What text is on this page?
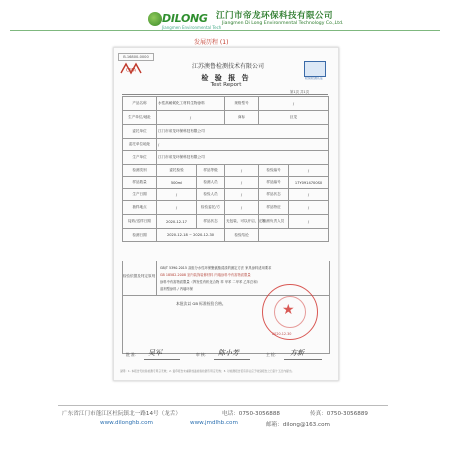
DILONG
Jiangmen Environmental Tech
江门市帝龙环保科技有限公司
Jiangmen Di Long Environmental Technology Co.,Ltd.
发展历程 (1)
B.16800-0000
CMA
江苏澳鲁检测技术有限公司
检验检测认证
检 验 报 告
Test Report
第1页 共1页
产品名称	水性高耐候化工材料生物涂料		规格型号	/	
生产单位/地址	/		商标	巨龙	
委托单位	江门市帝龙环保科技有限公司				
委托单位地址	/				
生产单位	江门市帝龙环保科技有限公司				
检测类别	委托检验	样品等级	/	检验编号	/
样品数量	500ml	检测人员	/	样品编号	17Y0914700S0
生产日期	/	检验人员	/	样品状态	/
抽样地点	/	检验委托/方	/	样品特征	/
接收/送样日期	2020-12-17	样品状态	无包装，可以开启，完好	检测负责人员	/
检测日期	2020-12-18 ~ 2020-12-30		检验结论		
检验依据及判定原则
GB/T 5390-2015 双组分水性环保聚氨酯清漆的测定方法 家具涂料适用要求
GB 18582-2008 室内装饰装修材料 内墙涂料中有害物质限量
涂料中有害物质限量（挥发性有机化合物 苯 甲苯 二甲苯 乙苯总和）
溶剂型涂料 / 内墙环保
本批次以 GB 标准检验合格。	★
2020.12.30
批 准： 吴军	审 核： 陈小芳	主 检： 方新
说明：1. 本报告无检验检测专用章无效；2. 复印报告未重新加盖检验检测专用章无效；3. 对检测报告若有异议应于收到报告之日起十五日内提出。
广东省江门市蓬江区杜阮镇北一路14号（龙舌）	电话：0750-3056888	传真：0750-3056889
www.dilonghb.com	www.jmdlhb.com	邮箱：dilong@163.com
